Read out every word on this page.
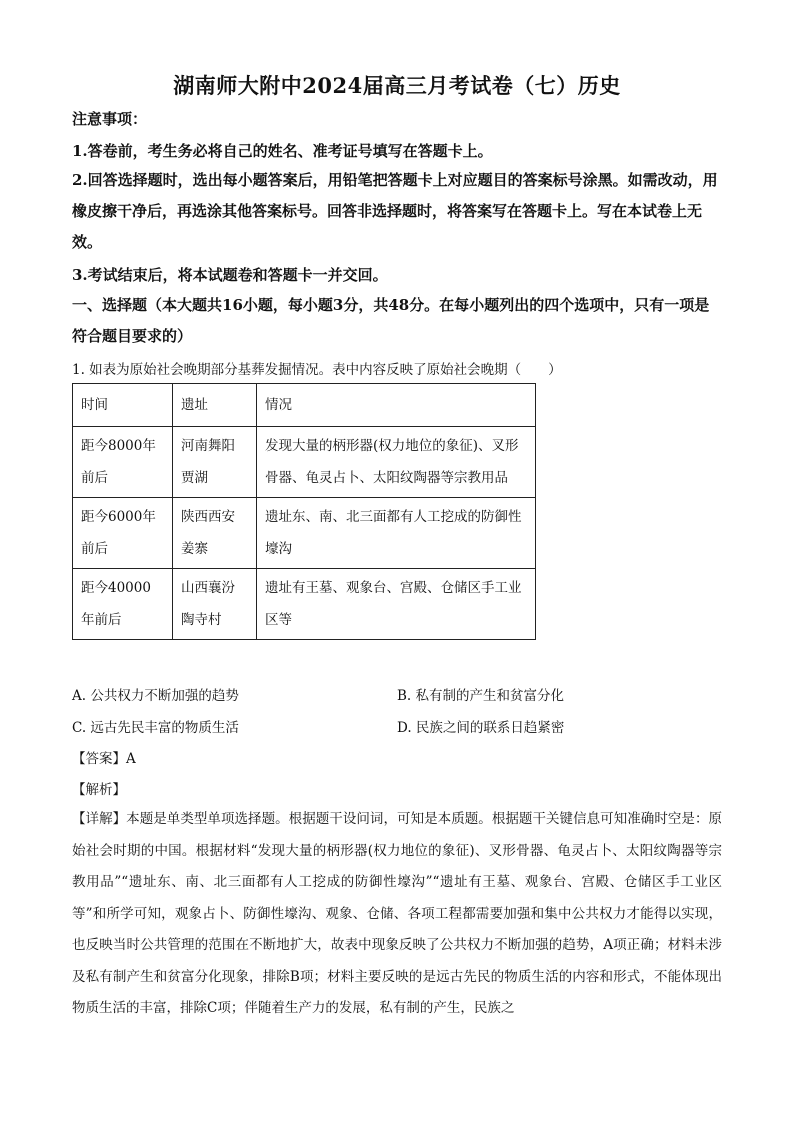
湖南师大附中2024届高三月考试卷（七）历史
注意事项：
1.答卷前，考生务必将自己的姓名、准考证号填写在答题卡上。
2.回答选择题时，选出每小题答案后，用铅笔把答题卡上对应题目的答案标号涂黑。如需改动，用橡皮擦干净后，再选涂其他答案标号。回答非选择题时，将答案写在答题卡上。写在本试卷上无效。
3.考试结束后，将本试题卷和答题卡一并交回。
一、选择题（本大题共16小题，每小题3分，共48分。在每小题列出的四个选项中，只有一项是符合题目要求的）
1. 如表为原始社会晚期部分基葬发掘情况。表中内容反映了原始社会晚期（　　）
时间	遗址	情况
距今8000年前后	河南舞阳贾湖	发现大量的柄形器(权力地位的象征)、叉形骨器、龟灵占卜、太阳纹陶器等宗教用品
距今6000年前后	陕西西安姜寨	遗址东、南、北三面都有人工挖成的防御性壕沟
距今40000年前后	山西襄汾陶寺村	遗址有王墓、观象台、宫殿、仓储区手工业区等
A. 公共权力不断加强的趋势	B. 私有制的产生和贫富分化
C. 远古先民丰富的物质生活	D. 民族之间的联系日趋紧密
【答案】A
【解析】
【详解】本题是单类型单项选择题。根据题干设问词，可知是本质题。根据题干关键信息可知准确时空是：原始社会时期的中国。根据材料“发现大量的柄形器(权力地位的象征)、叉形骨器、龟灵占卜、太阳纹陶器等宗教用品”“遗址东、南、北三面都有人工挖成的防御性壕沟”“遗址有王墓、观象台、宫殿、仓储区手工业区等”和所学可知，观象占卜、防御性壕沟、观象、仓储、各项工程都需要加强和集中公共权力才能得以实现，也反映当时公共管理的范围在不断地扩大，故表中现象反映了公共权力不断加强的趋势，A项正确；材料未涉及私有制产生和贫富分化现象，排除B项；材料主要反映的是远古先民的物质生活的内容和形式，不能体现出物质生活的丰富，排除C项；伴随着生产力的发展，私有制的产生，民族之
